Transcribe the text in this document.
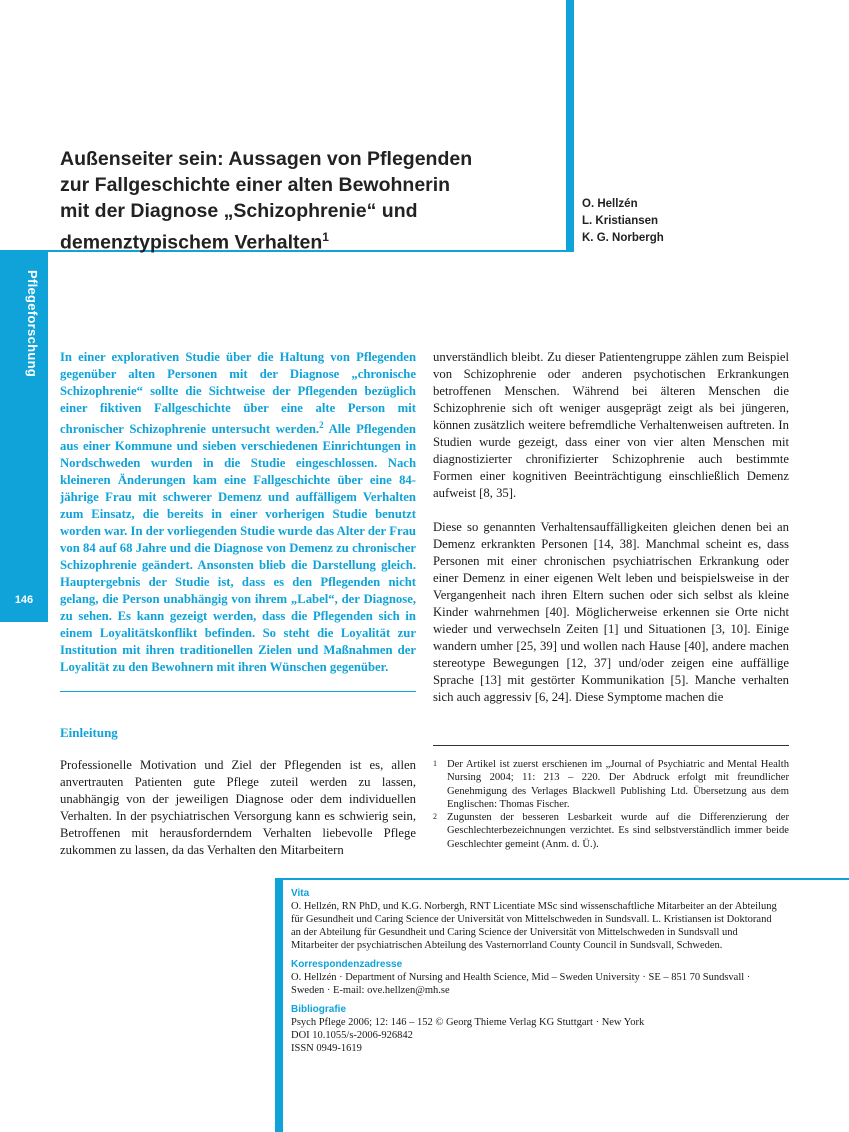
Pflegeforschung
146
Außenseiter sein: Aussagen von Pflegenden
zur Fallgeschichte einer alten Bewohnerin
mit der Diagnose „Schizophrenie“ und
demenztypischem Verhalten$^1$
O. Hellzén
L. Kristiansen
K. G. Norbergh
In einer explorativen Studie über die Haltung von Pflegenden gegenüber alten Personen mit der Diagnose „chronische Schizophrenie“ sollte die Sichtweise der Pflegenden bezüglich einer fiktiven Fallgeschichte über eine alte Person mit chronischer Schizophrenie untersucht werden.$^2$ Alle Pflegenden aus einer Kommune und sieben verschiedenen Einrichtungen in Nordschweden wurden in die Studie eingeschlossen. Nach kleineren Änderungen kam eine Fallgeschichte über eine 84-jährige Frau mit schwerer Demenz und auffälligem Verhalten zum Einsatz, die bereits in einer vorherigen Studie benutzt worden war. In der vorliegenden Studie wurde das Alter der Frau von 84 auf 68 Jahre und die Diagnose von Demenz zu chronischer Schizophrenie geändert. Ansonsten blieb die Darstellung gleich. Hauptergebnis der Studie ist, dass es den Pflegenden nicht gelang, die Person unabhängig von ihrem „Label“, der Diagnose, zu sehen. Es kann gezeigt werden, dass die Pflegenden sich in einem Loyalitätskonflikt befinden. So steht die Loyalität zur Institution mit ihren traditionellen Zielen und Maßnahmen der Loyalität zu den Bewohnern mit ihren Wünschen gegenüber.
Einleitung
Professionelle Motivation und Ziel der Pflegenden ist es, allen anvertrauten Patienten gute Pflege zuteil werden zu lassen, unabhängig von der jeweiligen Diagnose oder dem individuellen Verhalten. In der psychiatrischen Versorgung kann es schwierig sein, Betroffenen mit herausforderndem Verhalten liebevolle Pflege zukommen zu lassen, da das Verhalten den Mitarbeitern

unverständlich bleibt. Zu dieser Patientengruppe zählen zum Beispiel von Schizophrenie oder anderen psychotischen Erkrankungen betroffenen Menschen. Während bei älteren Menschen die Schizophrenie sich oft weniger ausgeprägt zeigt als bei jüngeren, können zusätzlich weitere befremdliche Verhaltenweisen auftreten. In Studien wurde gezeigt, dass einer von vier alten Menschen mit diagnostizierter chronifizierter Schizophrenie auch bestimmte Formen einer kognitiven Beeinträchtigung einschließlich Demenz aufweist [8, 35].

Diese so genannten Verhaltensauffälligkeiten gleichen denen bei an Demenz erkrankten Personen [14, 38]. Manchmal scheint es, dass Personen mit einer chronischen psychiatrischen Erkrankung oder einer Demenz in einer eigenen Welt leben und beispielsweise in der Vergangenheit nach ihren Eltern suchen oder sich selbst als kleine Kinder wahrnehmen [40]. Möglicherweise erkennen sie Orte nicht wieder und verwechseln Zeiten [1] und Situationen [3, 10]. Einige wandern umher [25, 39] und wollen nach Hause [40], andere machen stereotype Bewegungen [12, 37] und/oder zeigen eine auffällige Sprache [13] mit gestörter Kommunikation [5]. Manche verhalten sich auch aggressiv [6, 24]. Diese Symptome machen die

1 Der Artikel ist zuerst erschienen im „Journal of Psychiatric and Mental Health Nursing 2004; 11: 213 – 220. Der Abdruck erfolgt mit freundlicher Genehmigung des Verlages Blackwell Publishing Ltd. Übersetzung aus dem Englischen: Thomas Fischer.
2 Zugunsten der besseren Lesbarkeit wurde auf die Differenzierung der Geschlechterbezeichnungen verzichtet. Es sind selbstverständlich immer beide Geschlechter gemeint (Anm. d. Ü.).
Vita
O. Hellzén, RN PhD, und K.G. Norbergh, RNT Licentiate MSc sind wissenschaftliche Mitarbeiter an der Abteilung für Gesundheit und Caring Science der Universität von Mittelschweden in Sundsvall. L. Kristiansen ist Doktorand an der Abteilung für Gesundheit und Caring Science der Universität von Mittelschweden in Sundsvall und Mitarbeiter der psychiatrischen Abteilung des Vasternorrland County Council in Sundsvall, Schweden.
Korrespondenzadresse
O. Hellzén · Department of Nursing and Health Science, Mid – Sweden University · SE – 851 70 Sundsvall · Sweden · E-mail: ove.hellzen@mh.se
Bibliografie
Psych Pflege 2006; 12: 146 – 152 © Georg Thieme Verlag KG Stuttgart · New York
DOI 10.1055/s-2006-926842
ISSN 0949-1619
